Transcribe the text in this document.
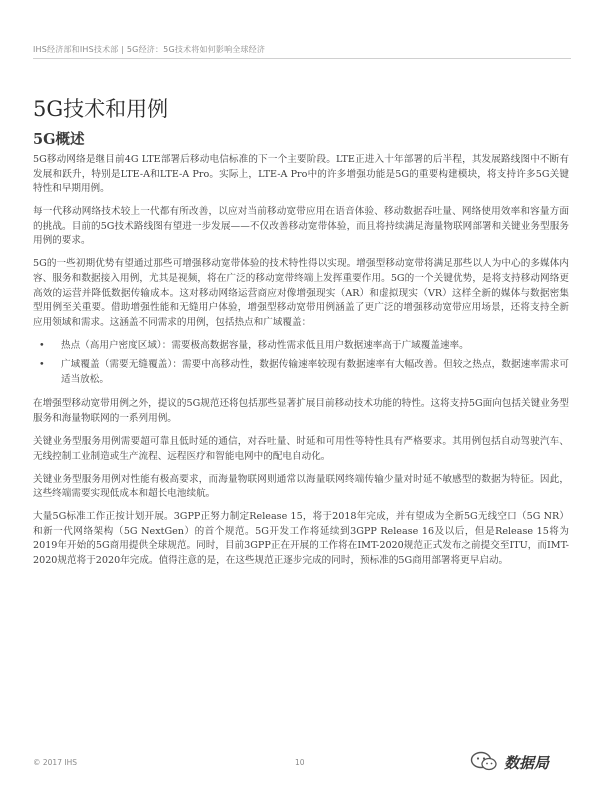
IHS经济部和IHS技术部 | 5G经济：5G技术将如何影响全球经济
5G技术和用例
5G概述

5G移动网络是继目前4G LTE部署后移动电信标准的下一个主要阶段。LTE正进入十年部署的后半程，其发展路线图中不断有发展和跃升，特别是LTE-A和LTE-A Pro。实际上，LTE-A Pro中的许多增强功能是5G的重要构建模块，将支持许多5G关键特性和早期用例。

每一代移动网络技术较上一代都有所改善，以应对当前移动宽带应用在语音体验、移动数据吞吐量、网络使用效率和容量方面的挑战。目前的5G技术路线图有望进一步发展——不仅改善移动宽带体验，而且将持续满足海量物联网部署和关键业务型服务用例的要求。

5G的一些初期优势有望通过那些可增强移动宽带体验的技术特性得以实现。增强型移动宽带将满足那些以人为中心的多媒体内容、服务和数据接入用例，尤其是视频，将在广泛的移动宽带终端上发挥重要作用。5G的一个关键优势，是将支持移动网络更高效的运营并降低数据传输成本。这对移动网络运营商应对像增强现实（AR）和虚拟现实（VR）这样全新的媒体与数据密集型用例至关重要。借助增强性能和无缝用户体验，增强型移动宽带用例涵盖了更广泛的增强移动宽带应用场景，还将支持全新应用领域和需求。这涵盖不同需求的用例，包括热点和广域覆盖：

• 热点（高用户密度区域）：需要极高数据容量，移动性需求低且用户数据速率高于广域覆盖速率。
• 广域覆盖（需要无缝覆盖）：需要中高移动性，数据传输速率较现有数据速率有大幅改善。但较之热点，数据速率需求可适当放松。

在增强型移动宽带用例之外，提议的5G规范还将包括那些显著扩展目前移动技术功能的特性。这将支持5G面向包括关键业务型服务和海量物联网的一系列用例。

关键业务型服务用例需要超可靠且低时延的通信，对吞吐量、时延和可用性等特性具有严格要求。其用例包括自动驾驶汽车、无线控制工业制造或生产流程、远程医疗和智能电网中的配电自动化。

关键业务型服务用例对性能有极高要求，而海量物联网则通常以海量联网终端传输少量对时延不敏感型的数据为特征。因此，这些终端需要实现低成本和超长电池续航。

大量5G标准工作正按计划开展。3GPP正努力制定Release 15，将于2018年完成，并有望成为全新5G无线空口（5G NR）和新一代网络架构（5G NextGen）的首个规范。5G开发工作将延续到3GPP Release 16及以后，但是Release 15将为2019年开始的5G商用提供全球规范。同时，目前3GPP正在开展的工作将在IMT-2020规范正式发布之前提交至ITU，而IMT-2020规范将于2020年完成。值得注意的是，在这些规范正逐步完成的同时，预标准的5G商用部署将更早启动。

© 2017 IHS	10	数据局
